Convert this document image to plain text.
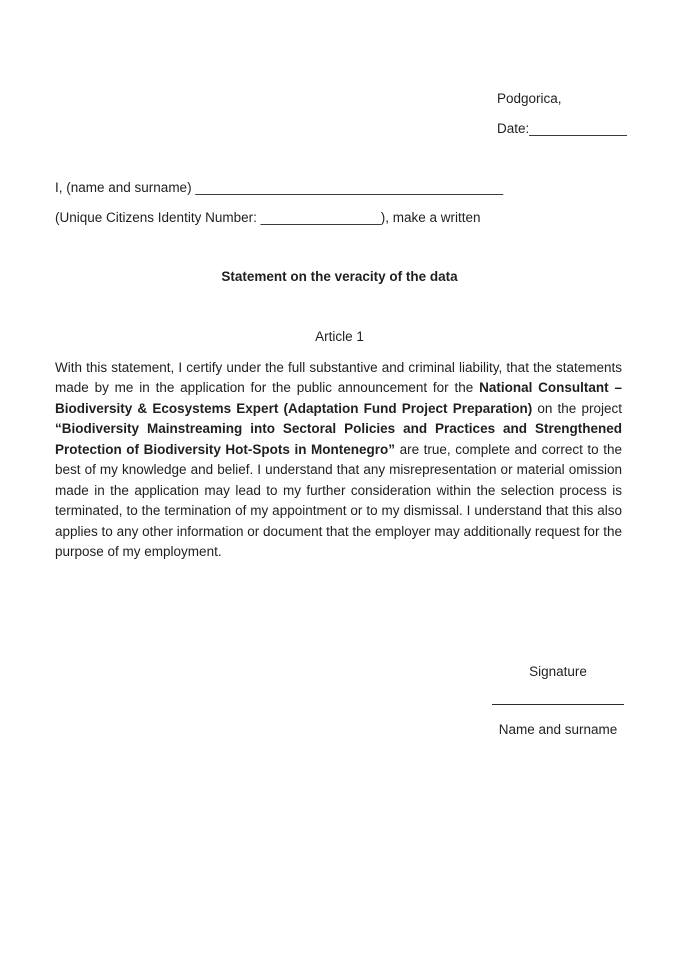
Podgorica,
Date:_____________
I, (name and surname) _________________________________________
(Unique Citizens Identity Number: ________________), make a written
Statement on the veracity of the data
Article 1
With this statement, I certify under the full substantive and criminal liability, that the statements made by me in the application for the public announcement for the National Consultant – Biodiversity & Ecosystems Expert (Adaptation Fund Project Preparation) on the project “Biodiversity Mainstreaming into Sectoral Policies and Practices and Strengthened Protection of Biodiversity Hot-Spots in Montenegro” are true, complete and correct to the best of my knowledge and belief. I understand that any misrepresentation or material omission made in the application may lead to my further consideration within the selection process is terminated, to the termination of my appointment or to my dismissal. I understand that this also applies to any other information or document that the employer may additionally request for the purpose of my employment.
Signature
Name and surname
